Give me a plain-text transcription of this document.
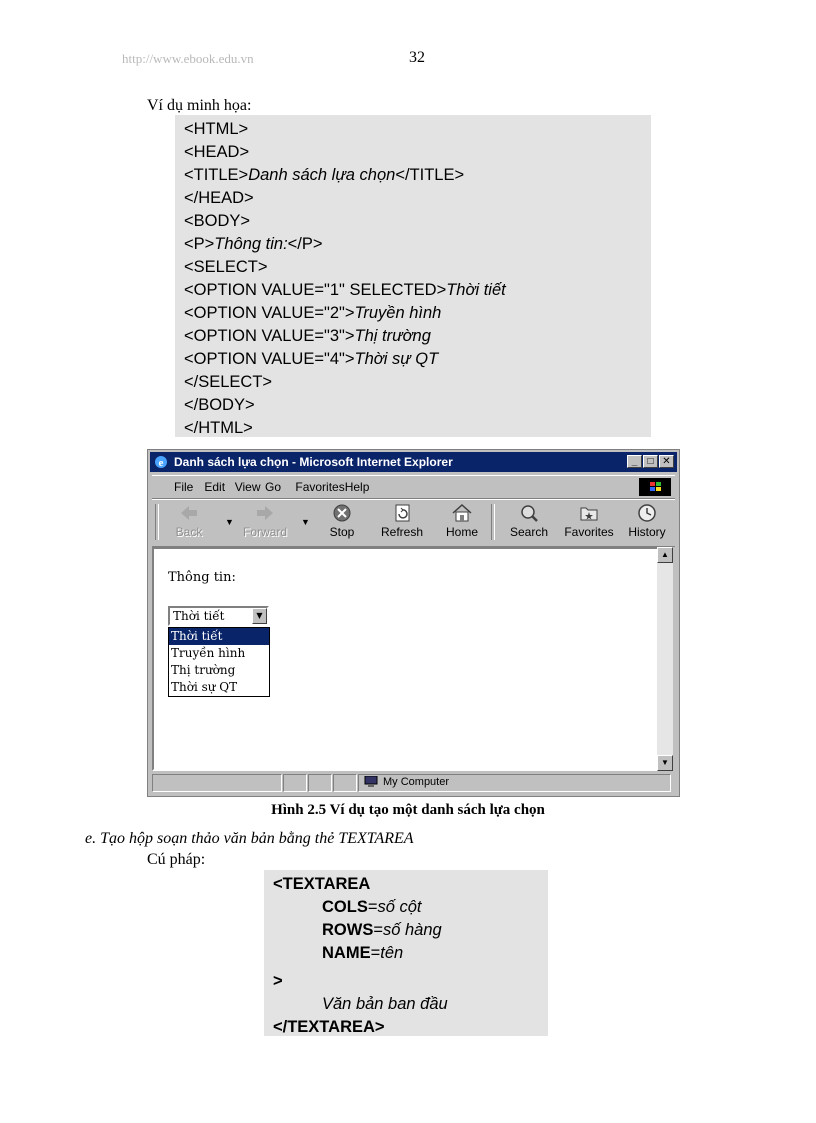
http://www.ebook.edu.vn	32
Ví dụ minh họa:
<HTML>
<HEAD>
<TITLE>Danh sách lựa chọn</TITLE>
</HEAD>
<BODY>
<P>Thông tin:</P>
<SELECT>
<OPTION VALUE="1" SELECTED>Thời tiết
<OPTION VALUE="2">Truyền hình
<OPTION VALUE="3">Thị trường
<OPTION VALUE="4">Thời sự QT
</SELECT>
</BODY>
</HTML>
e Danh sách lựa chọn - Microsoft Internet Explorer	_ □ ✕
File Edit View Go Favorites Help
Back
▼
Forward
▼
Stop	Refresh	Home	Search	Favorites	History
Thông tin:
Thời tiết	▼
Thời tiết
Truyền hình
Thị trường
Thời sự QT
▲
▼
My Computer
Hình 2.5 Ví dụ tạo một danh sách lựa chọn
e. Tạo hộp soạn thảo văn bản bằng thẻ TEXTAREA
Cú pháp:
<TEXTAREA
COLS=số cột
ROWS=số hàng
NAME=tên
>
Văn bản ban đầu
</TEXTAREA>
